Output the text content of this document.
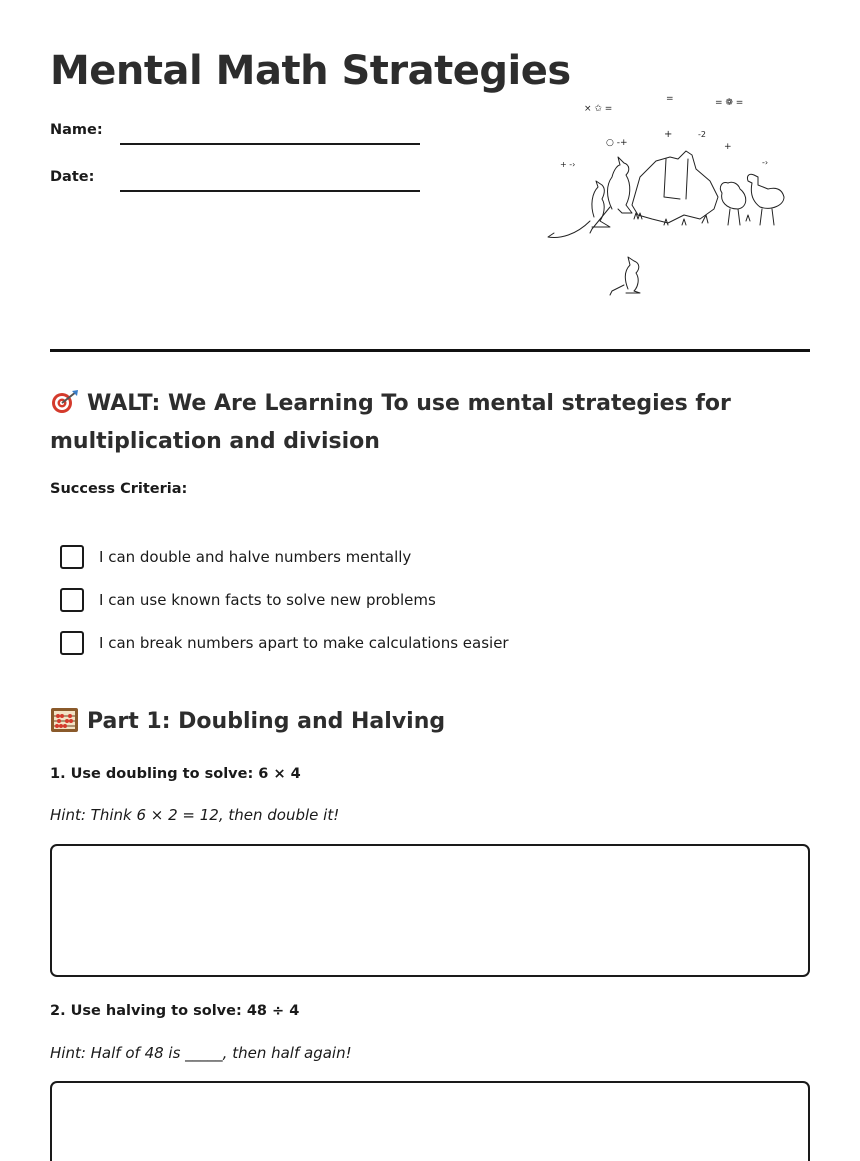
Mental Math Strategies
Name:
Date:
× ✩ =
=	= ❁ =
○ -+
+	-2
+
+ -›	-›
WALT: We Are Learning To use mental strategies for multiplication and division
Success Criteria:
I can double and halve numbers mentally
I can use known facts to solve new problems
I can break numbers apart to make calculations easier
Part 1: Doubling and Halving
1. Use doubling to solve: 6 × 4
Hint: Think 6 × 2 = 12, then double it!
2. Use halving to solve: 48 ÷ 4
Hint: Half of 48 is _____, then half again!
